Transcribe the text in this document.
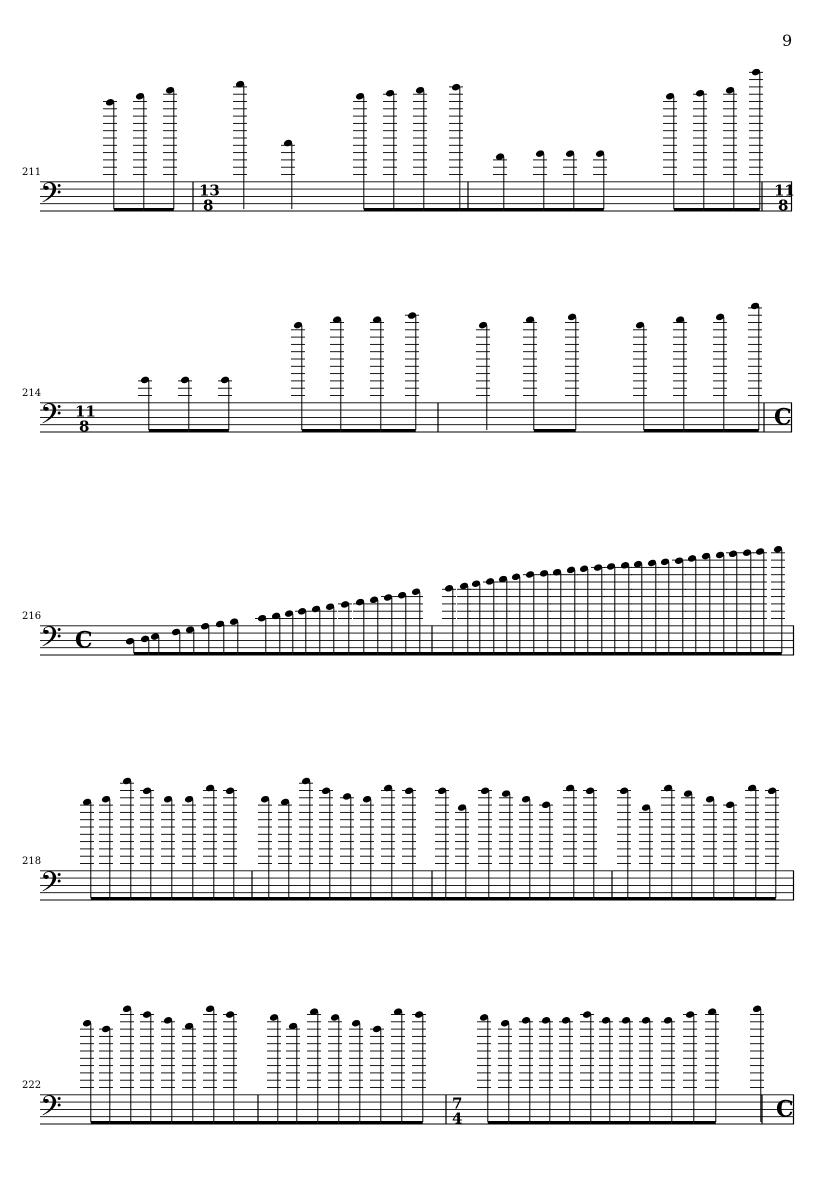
9
211
𝄢	13
8
11
8
214
𝄢 11
8	C
216
𝄢 C
218
𝄢
222
𝄢	7
4	C
